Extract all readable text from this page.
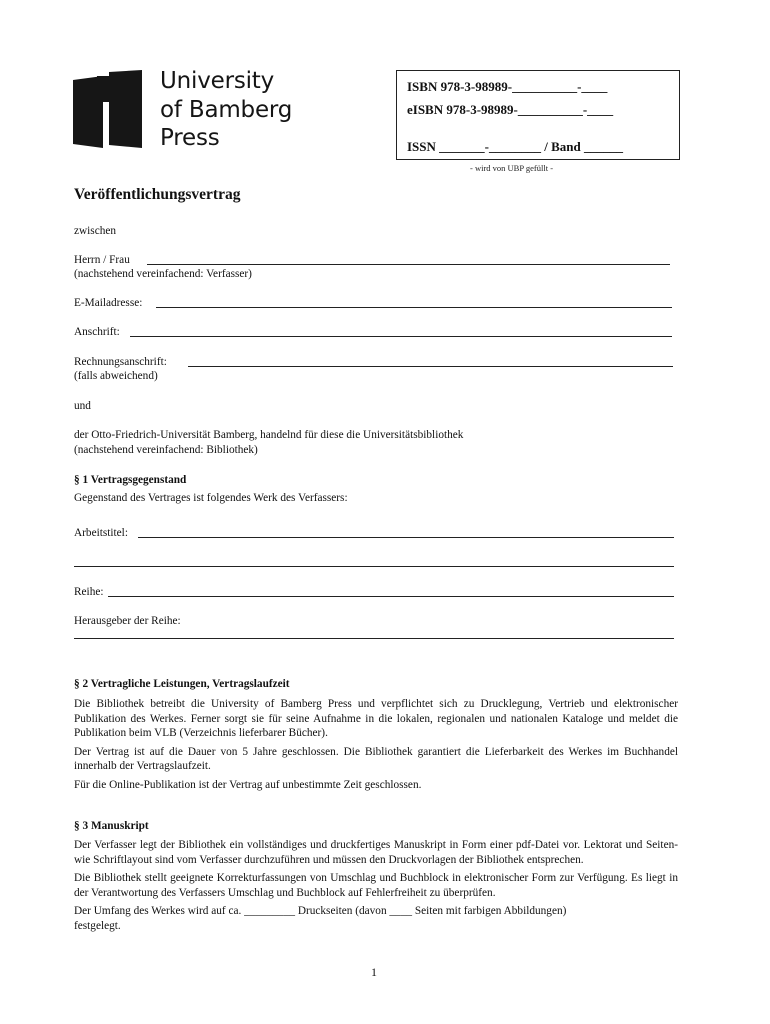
University
of Bamberg
Press
ISBN 978-3-98989-__________-____
eISBN 978-3-98989-__________-____
ISSN _______-________ / Band ______
- wird von UBP gefüllt -
Veröffentlichungsvertrag
zwischen
Herrn / Frau
(nachstehend vereinfachend: Verfasser)
E-Mailadresse:
Anschrift:
Rechnungsanschrift:
(falls abweichend)
und
der Otto-Friedrich-Universität Bamberg, handelnd für diese die Universitätsbibliothek
(nachstehend vereinfachend: Bibliothek)
§ 1 Vertragsgegenstand
Gegenstand des Vertrages ist folgendes Werk des Verfassers:
Arbeitstitel:
Reihe:
Herausgeber der Reihe:
§ 2 Vertragliche Leistungen, Vertragslaufzeit

Die Bibliothek betreibt die University of Bamberg Press und verpflichtet sich zu Drucklegung, Vertrieb und elektronischer Publikation des Werkes. Ferner sorgt sie für seine Aufnahme in die lokalen, regionalen und nationalen Kataloge und meldet die Publikation beim VLB (Verzeichnis lieferbarer Bücher).

Der Vertrag ist auf die Dauer von 5 Jahre geschlossen. Die Bibliothek garantiert die Lieferbarkeit des Werkes im Buchhandel innerhalb der Vertragslaufzeit.

Für die Online-Publikation ist der Vertrag auf unbestimmte Zeit geschlossen.

§ 3 Manuskript

Der Verfasser legt der Bibliothek ein vollständiges und druckfertiges Manuskript in Form einer pdf-Datei vor. Lektorat und Seiten- wie Schriftlayout sind vom Verfasser durchzuführen und müssen den Druckvorlagen der Bibliothek entsprechen.

Die Bibliothek stellt geeignete Korrekturfassungen von Umschlag und Buchblock in elektronischer Form zur Verfügung. Es liegt in der Verantwortung des Verfassers Umschlag und Buchblock auf Fehlerfreiheit zu überprüfen.

Der Umfang des Werkes wird auf ca. _________ Druckseiten (davon ____ Seiten mit farbigen Abbildungen)

festgelegt.

1
